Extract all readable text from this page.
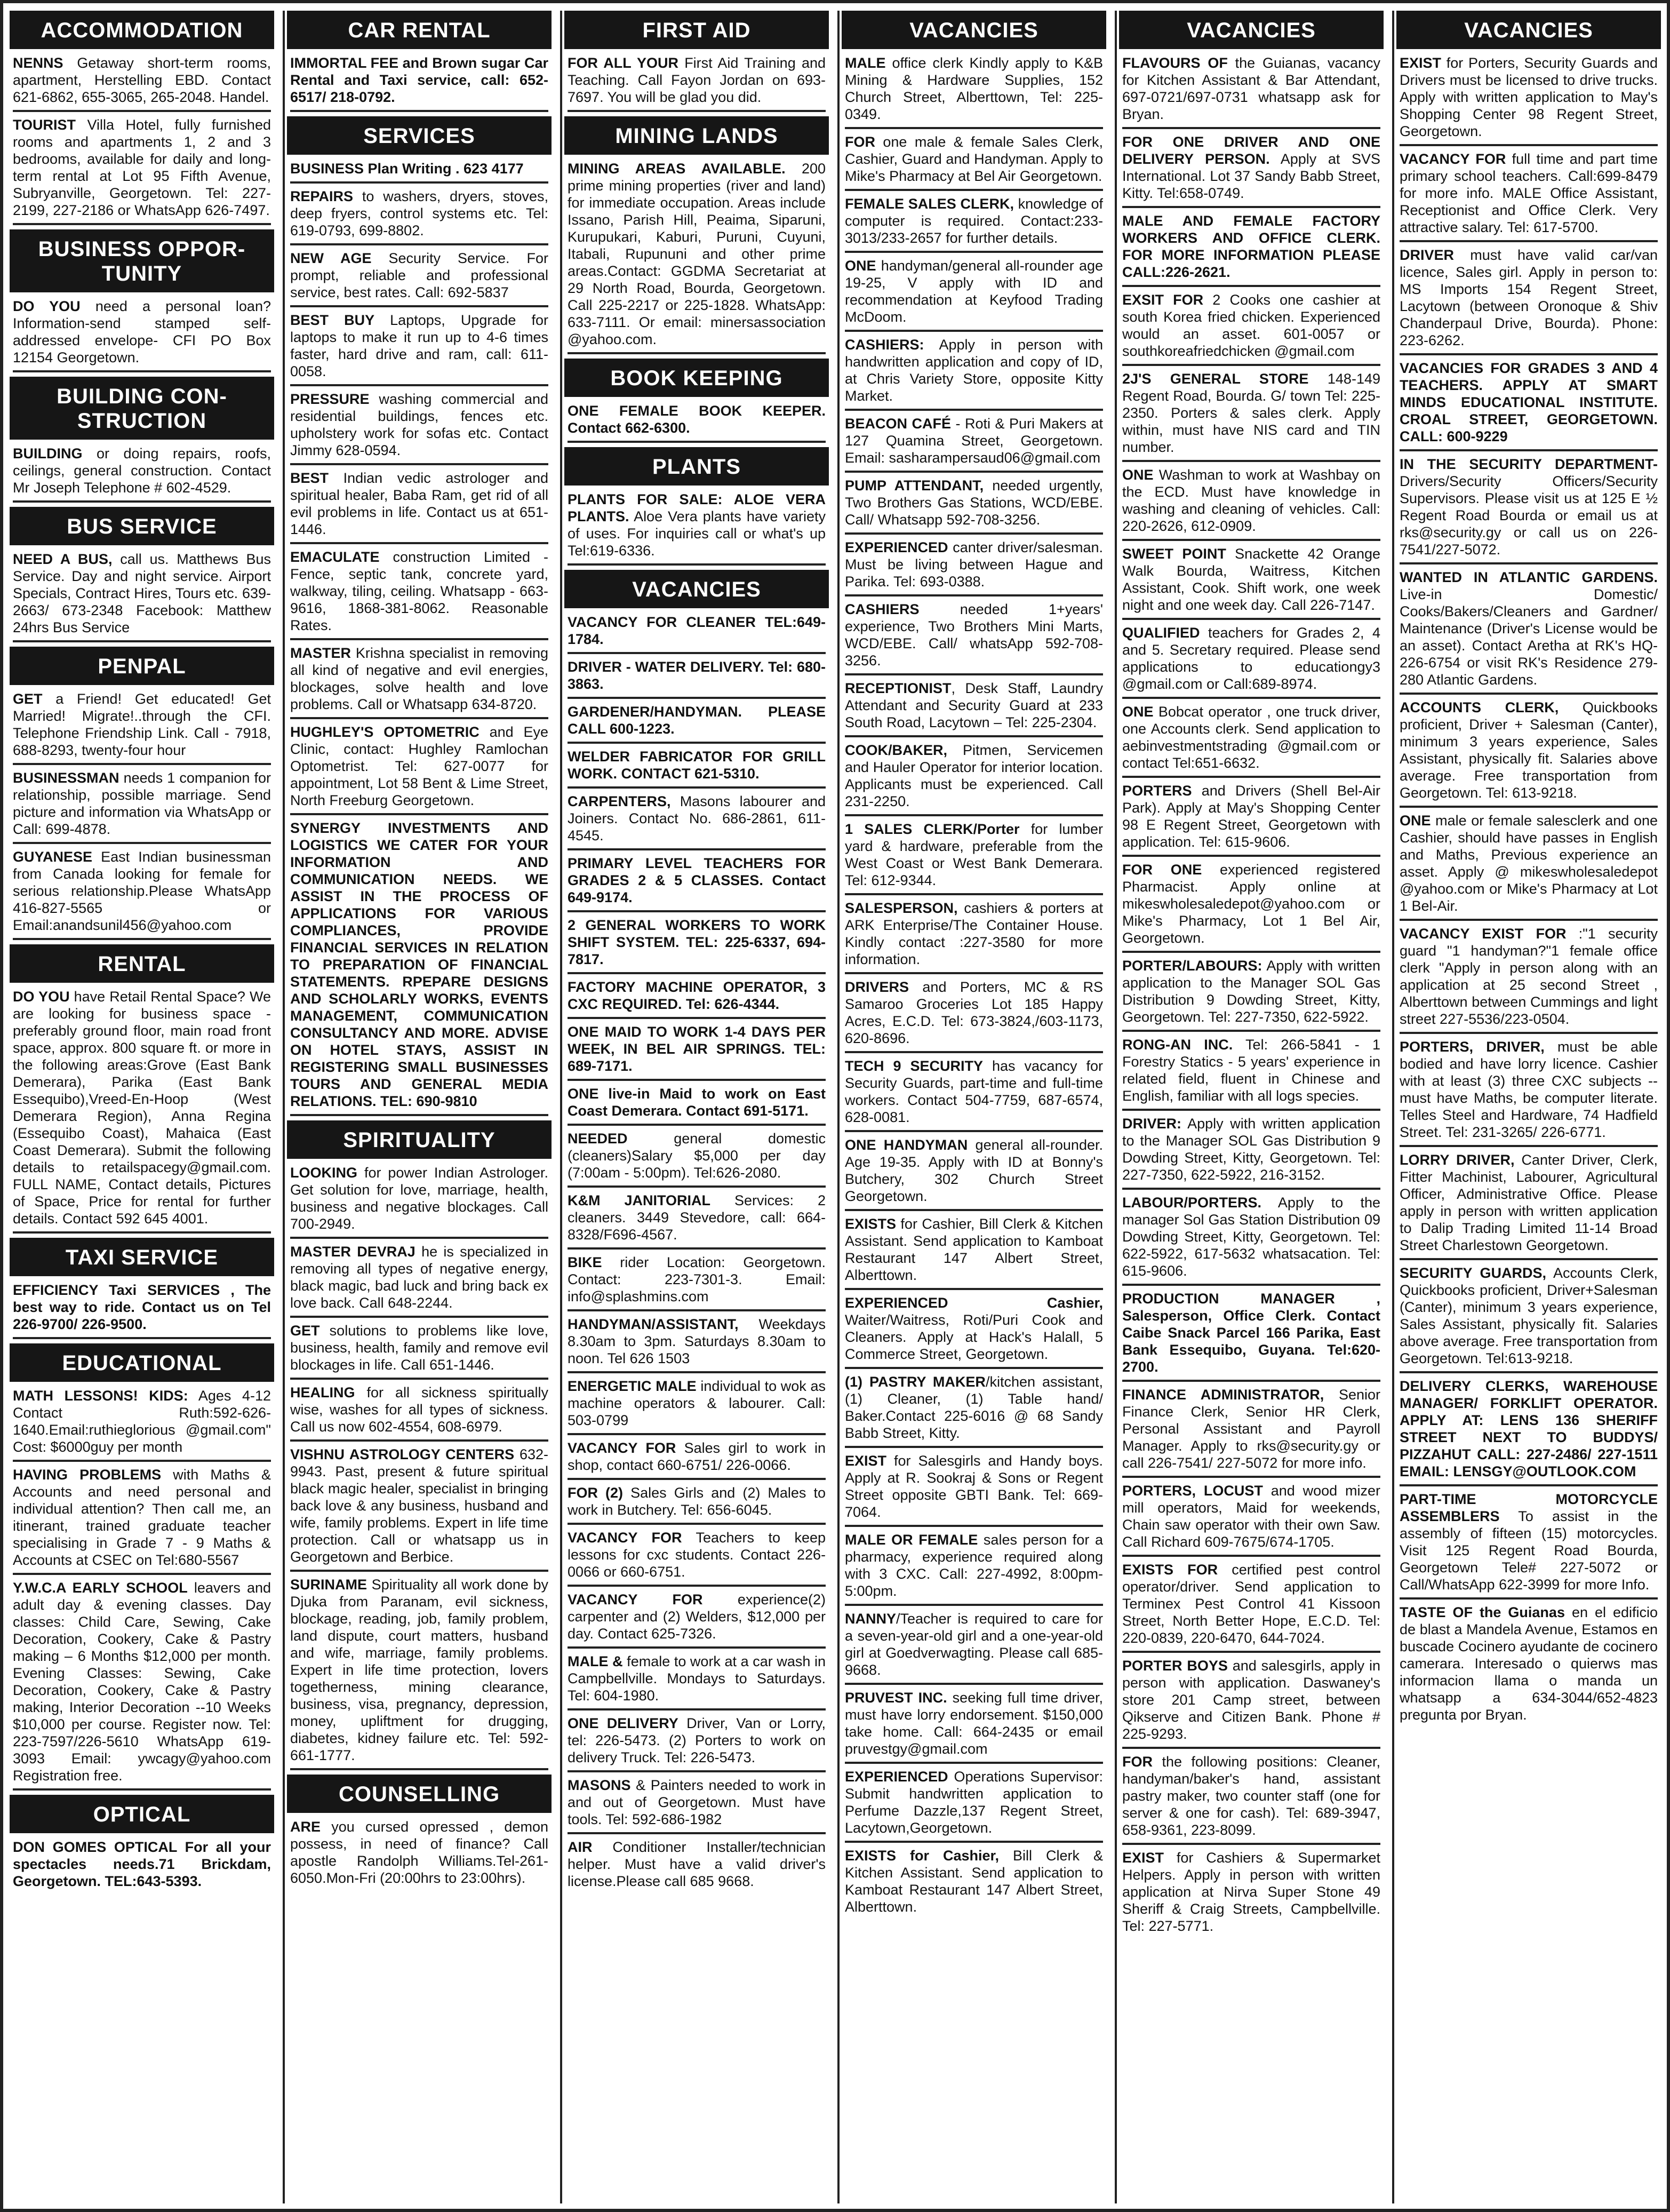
ACCOMMODATION
NENNS Getaway short-term rooms, apartment, Herstelling EBD. Contact 621-6862, 655-3065, 265-2048. Handel.
TOURIST Villa Hotel, fully furnished rooms and apartments 1, 2 and 3 bedrooms, available for daily and long-term rental at Lot 95 Fifth Avenue, Subryanville, Georgetown. Tel: 227-2199, 227-2186 or WhatsApp 626-7497.
BUSINESS OPPOR-TUNITY
DO YOU need a personal loan? Information-send stamped self-addressed envelope- CFI PO Box 12154 Georgetown.
BUILDING CON-STRUCTION
BUILDING or doing repairs, roofs, ceilings, general construction. Contact Mr Joseph Telephone # 602-4529.
BUS SERVICE
NEED A BUS, call us. Matthews Bus Service. Day and night service. Airport Specials, Contract Hires, Tours etc. 639-2663/ 673-2348 Facebook: Matthew 24hrs Bus Service
PENPAL
GET a Friend! Get educated! Get Married! Migrate!..through the CFI. Telephone Friendship Link. Call - 7918, 688-8293, twenty-four hour
BUSINESSMAN needs 1 companion for relationship, possible marriage. Send picture and information via WhatsApp or Call: 699-4878.
GUYANESE East Indian businessman from Canada looking for female for serious relationship.Please WhatsApp 416-827-5565 or Email:anandsunil456@yahoo.com
RENTAL
DO YOU have Retail Rental Space? We are looking for business space - preferably ground floor, main road front space, approx. 800 square ft. or more in the following areas:Grove (East Bank Demerara), Parika (East Bank Essequibo),Vreed-En-Hoop (West Demerara Region), Anna Regina (Essequibo Coast), Mahaica (East Coast Demerara). Submit the following details to retailspacegy@gmail.com. FULL NAME, Contact details, Pictures of Space, Price for rental for further details. Contact 592 645 4001.
TAXI SERVICE
EFFICIENCY Taxi SERVICES , The best way to ride. Contact us on Tel 226-9700/ 226-9500.
EDUCATIONAL
MATH LESSONS! KIDS: Ages 4-12 Contact Ruth:592-626-1640.Email:ruthieglorious @gmail.com" Cost: $6000guy per month
HAVING PROBLEMS with Maths & Accounts and need personal and individual attention? Then call me, an itinerant, trained graduate teacher specialising in Grade 7 - 9 Maths & Accounts at CSEC on Tel:680-5567
Y.W.C.A EARLY SCHOOL leavers and adult day & evening classes. Day classes: Child Care, Sewing, Cake Decoration, Cookery, Cake & Pastry making – 6 Months $12,000 per month. Evening Classes: Sewing, Cake Decoration, Cookery, Cake & Pastry making, Interior Decoration --10 Weeks $10,000 per course. Register now. Tel: 223-7597/226-5610 WhatsApp 619-3093 Email: ywcagy@yahoo.com Registration free.
OPTICAL
DON GOMES OPTICAL For all your spectacles needs.71 Brickdam, Georgetown. TEL:643-5393.
CAR RENTAL
IMMORTAL FEE and Brown sugar Car Rental and Taxi service, call: 652-6517/ 218-0792.
SERVICES
BUSINESS Plan Writing . 623 4177
REPAIRS to washers, dryers, stoves, deep fryers, control systems etc. Tel: 619-0793, 699-8802.
NEW AGE Security Service. For prompt, reliable and professional service, best rates. Call: 692-5837
BEST BUY Laptops, Upgrade for laptops to make it run up to 4-6 times faster, hard drive and ram, call: 611-0058.
PRESSURE washing commercial and residential buildings, fences etc. upholstery work for sofas etc. Contact Jimmy 628-0594.
BEST Indian vedic astrologer and spiritual healer, Baba Ram, get rid of all evil problems in life. Contact us at 651-1446.
EMACULATE construction Limited - Fence, septic tank, concrete yard, walkway, tiling, ceiling. Whatsapp - 663-9616, 1868-381-8062. Reasonable Rates.
MASTER Krishna specialist in removing all kind of negative and evil energies, blockages, solve health and love problems. Call or Whatsapp 634-8720.
HUGHLEY'S OPTOMETRIC and Eye Clinic, contact: Hughley Ramlochan Optometrist. Tel: 627-0077 for appointment, Lot 58 Bent & Lime Street, North Freeburg Georgetown.
SYNERGY INVESTMENTS AND LOGISTICS WE CATER FOR YOUR INFORMATION AND COMMUNICATION NEEDS. WE ASSIST IN THE PROCESS OF APPLICATIONS FOR VARIOUS COMPLIANCES, PROVIDE FINANCIAL SERVICES IN RELATION TO PREPARATION OF FINANCIAL STATEMENTS. RPEPARE DESIGNS AND SCHOLARLY WORKS, EVENTS MANAGEMENT, COMMUNICATION CONSULTANCY AND MORE. ADVISE ON HOTEL STAYS, ASSIST IN REGISTERING SMALL BUSINESSES TOURS AND GENERAL MEDIA RELATIONS. TEL: 690-9810
SPIRITUALITY
LOOKING for power Indian Astrologer. Get solution for love, marriage, health, business and negative blockages. Call 700-2949.
MASTER DEVRAJ he is specialized in removing all types of negative energy, black magic, bad luck and bring back ex love back. Call 648-2244.
GET solutions to problems like love, business, health, family and remove evil blockages in life. Call 651-1446.
HEALING for all sickness spiritually wise, washes for all types of sickness. Call us now 602-4554, 608-6979.
VISHNU ASTROLOGY CENTERS 632-9943. Past, present & future spiritual black magic healer, specialist in bringing back love & any business, husband and wife, family problems. Expert in life time protection. Call or whatsapp us in Georgetown and Berbice.
SURINAME Spirituality all work done by Djuka from Paranam, evil sickness, blockage, reading, job, family problem, land dispute, court matters, husband and wife, marriage, family problems. Expert in life time protection, lovers togetherness, mining clearance, business, visa, pregnancy, depression, money, upliftment for drugging, diabetes, kidney failure etc. Tel: 592-661-1777.
COUNSELLING
ARE you cursed opressed , demon possess, in need of finance? Call apostle Randolph Williams.Tel-261-6050.Mon-Fri (20:00hrs to 23:00hrs).
FIRST AID
FOR ALL YOUR First Aid Training and Teaching. Call Fayon Jordan on 693-7697. You will be glad you did.
MINING LANDS
MINING AREAS AVAILABLE. 200 prime mining properties (river and land) for immediate occupation. Areas include Issano, Parish Hill, Peaima, Siparuni, Kurupukari, Kaburi, Puruni, Cuyuni, Itabali, Rupununi and other prime areas.Contact: GGDMA Secretariat at 29 North Road, Bourda, Georgetown. Call 225-2217 or 225-1828. WhatsApp: 633-7111. Or email: minersassociation @yahoo.com.
BOOK KEEPING
ONE FEMALE BOOK KEEPER. Contact 662-6300.
PLANTS
PLANTS FOR SALE: ALOE VERA PLANTS. Aloe Vera plants have variety of uses. For inquiries call or what's up Tel:619-6336.
VACANCIES
VACANCY FOR CLEANER TEL:649-1784.
DRIVER - WATER DELIVERY. Tel: 680-3863.
GARDENER/HANDYMAN. PLEASE CALL 600-1223.
WELDER FABRICATOR FOR GRILL WORK. CONTACT 621-5310.
CARPENTERS, Masons labourer and Joiners. Contact No. 686-2861, 611-4545.
PRIMARY LEVEL TEACHERS FOR GRADES 2 & 5 CLASSES. Contact 649-9174.
2 GENERAL WORKERS TO WORK SHIFT SYSTEM. TEL: 225-6337, 694-7817.
FACTORY MACHINE OPERATOR, 3 CXC REQUIRED. Tel: 626-4344.
ONE MAID TO WORK 1-4 DAYS PER WEEK, IN BEL AIR SPRINGS. TEL: 689-7171.
ONE live-in Maid to work on East Coast Demerara. Contact 691-5171.
NEEDED general domestic (cleaners)Salary $5,000 per day (7:00am - 5:00pm). Tel:626-2080.
K&M JANITORIAL Services: 2 cleaners. 3449 Stevedore, call: 664-8328/F696-4567.
BIKE rider Location: Georgetown. Contact: 223-7301-3. Email: info@splashmins.com
HANDYMAN/ASSISTANT, Weekdays 8.30am to 3pm. Saturdays 8.30am to noon. Tel 626 1503
ENERGETIC MALE individual to wok as machine operators & labourer. Call: 503-0799
VACANCY FOR Sales girl to work in shop, contact 660-6751/ 226-0066.
FOR (2) Sales Girls and (2) Males to work in Butchery. Tel: 656-6045.
VACANCY FOR Teachers to keep lessons for cxc students. Contact 226-0066 or 660-6751.
VACANCY FOR experience(2) carpenter and (2) Welders, $12,000 per day. Contact 625-7326.
MALE & female to work at a car wash in Campbellville. Mondays to Saturdays. Tel: 604-1980.
ONE DELIVERY Driver, Van or Lorry, tel: 226-5473. (2) Porters to work on delivery Truck. Tel: 226-5473.
MASONS & Painters needed to work in and out of Georgetown. Must have tools. Tel: 592-686-1982
AIR Conditioner Installer/technician helper. Must have a valid driver's license.Please call 685 9668.
VACANCIES
MALE office clerk Kindly apply to K&B Mining & Hardware Supplies, 152 Church Street, Alberttown, Tel: 225-0349.
FOR one male & female Sales Clerk, Cashier, Guard and Handyman. Apply to Mike's Pharmacy at Bel Air Georgetown.
FEMALE SALES CLERK, knowledge of computer is required. Contact:233-3013/233-2657 for further details.
ONE handyman/general all-rounder age 19-25, V apply with ID and recommendation at Keyfood Trading McDoom.
CASHIERS: Apply in person with handwritten application and copy of ID, at Chris Variety Store, opposite Kitty Market.
BEACON CAFÉ - Roti & Puri Makers at 127 Quamina Street, Georgetown. Email: sasharampersaud06@gmail.com
PUMP ATTENDANT, needed urgently, Two Brothers Gas Stations, WCD/EBE. Call/ Whatsapp 592-708-3256.
EXPERIENCED canter driver/salesman. Must be living between Hague and Parika. Tel: 693-0388.
CASHIERS needed 1+years' experience, Two Brothers Mini Marts, WCD/EBE. Call/ whatsApp 592-708-3256.
RECEPTIONIST, Desk Staff, Laundry Attendant and Security Guard at 233 South Road, Lacytown – Tel: 225-2304.
COOK/BAKER, Pitmen, Servicemen and Hauler Operator for interior location. Applicants must be experienced. Call 231-2250.
1 SALES CLERK/Porter for lumber yard & hardware, preferable from the West Coast or West Bank Demerara. Tel: 612-9344.
SALESPERSON, cashiers & porters at ARK Enterprise/The Container House. Kindly contact :227-3580 for more information.
DRIVERS and Porters, MC & RS Samaroo Groceries Lot 185 Happy Acres, E.C.D. Tel: 673-3824,/603-1173, 620-8696.
TECH 9 SECURITY has vacancy for Security Guards, part-time and full-time workers. Contact 504-7759, 687-6574, 628-0081.
ONE HANDYMAN general all-rounder. Age 19-35. Apply with ID at Bonny's Butchery, 302 Church Street Georgetown.
EXISTS for Cashier, Bill Clerk & Kitchen Assistant. Send application to Kamboat Restaurant 147 Albert Street, Alberttown.
EXPERIENCED Cashier, Waiter/Waitress, Roti/Puri Cook and Cleaners. Apply at Hack's Halall, 5 Commerce Street, Georgetown.
(1) PASTRY MAKER/kitchen assistant,(1) Cleaner, (1) Table hand/ Baker.Contact 225-6016 @ 68 Sandy Babb Street, Kitty.
EXIST for Salesgirls and Handy boys. Apply at R. Sookraj & Sons or Regent Street opposite GBTI Bank. Tel: 669-7064.
MALE OR FEMALE sales person for a pharmacy, experience required along with 3 CXC. Call: 227-4992, 8:00pm-5:00pm.
NANNY/Teacher is required to care for a seven-year-old girl and a one-year-old girl at Goedverwagting. Please call 685-9668.
PRUVEST INC. seeking full time driver, must have lorry endorsement. $150,000 take home. Call: 664-2435 or email pruvestgy@gmail.com
EXPERIENCED Operations Supervisor: Submit handwritten application to Perfume Dazzle,137 Regent Street, Lacytown,Georgetown.
EXISTS for Cashier, Bill Clerk & Kitchen Assistant. Send application to Kamboat Restaurant 147 Albert Street, Alberttown.
VACANCIES
FLAVOURS OF the Guianas, vacancy for Kitchen Assistant & Bar Attendant, 697-0721/697-0731 whatsapp ask for Bryan.
FOR ONE DRIVER AND ONE DELIVERY PERSON. Apply at SVS International. Lot 37 Sandy Babb Street, Kitty. Tel:658-0749.
MALE AND FEMALE FACTORY WORKERS AND OFFICE CLERK. FOR MORE INFORMATION PLEASE CALL:226-2621.
EXSIT FOR 2 Cooks one cashier at south Korea fried chicken. Experienced would an asset. 601-0057 or southkoreafriedchicken @gmail.com
2J'S GENERAL STORE 148-149 Regent Road, Bourda. G/ town Tel: 225-2350. Porters & sales clerk. Apply within, must have NIS card and TIN number.
ONE Washman to work at Washbay on the ECD. Must have knowledge in washing and cleaning of vehicles. Call: 220-2626, 612-0909.
SWEET POINT Snackette 42 Orange Walk Bourda, Waitress, Kitchen Assistant, Cook. Shift work, one week night and one week day. Call 226-7147.
QUALIFIED teachers for Grades 2, 4 and 5. Secretary required. Please send applications to educationgy3 @gmail.com or Call:689-8974.
ONE Bobcat operator , one truck driver, one Accounts clerk. Send application to aebinvestmentstrading @gmail.com or contact Tel:651-6632.
PORTERS and Drivers (Shell Bel-Air Park). Apply at May's Shopping Center 98 E Regent Street, Georgetown with application. Tel: 615-9606.
FOR ONE experienced registered Pharmacist. Apply online at mikeswholesaledepot@yahoo.com or Mike's Pharmacy, Lot 1 Bel Air, Georgetown.
PORTER/LABOURS: Apply with written application to the Manager SOL Gas Distribution 9 Dowding Street, Kitty, Georgetown. Tel: 227-7350, 622-5922.
RONG-AN INC. Tel: 266-5841 - 1 Forestry Statics - 5 years' experience in related field, fluent in Chinese and English, familiar with all logs species.
DRIVER: Apply with written application to the Manager SOL Gas Distribution 9 Dowding Street, Kitty, Georgetown. Tel: 227-7350, 622-5922, 216-3152.
LABOUR/PORTERS. Apply to the manager Sol Gas Station Distribution 09 Dowding Street, Kitty, Georgetown. Tel: 622-5922, 617-5632 whatsacation. Tel: 615-9606.
PRODUCTION MANAGER , Salesperson, Office Clerk. Contact Caibe Snack Parcel 166 Parika, East Bank Essequibo, Guyana. Tel:620-2700.
FINANCE ADMINISTRATOR, Senior Finance Clerk, Senior HR Clerk, Personal Assistant and Payroll Manager. Apply to rks@security.gy or call 226-7541/ 227-5072 for more info.
PORTERS, LOCUST and wood mizer mill operators, Maid for weekends, Chain saw operator with their own Saw. Call Richard 609-7675/674-1705.
EXISTS FOR certified pest control operator/driver. Send application to Terminex Pest Control 41 Kissoon Street, North Better Hope, E.C.D. Tel: 220-0839, 220-6470, 644-7024.
PORTER BOYS and salesgirls, apply in person with application. Daswaney's store 201 Camp street, between Qikserve and Citizen Bank. Phone # 225-9293.
FOR the following positions: Cleaner, handyman/baker's hand, assistant pastry maker, two counter staff (one for server & one for cash). Tel: 689-3947, 658-9361, 223-8099.
EXIST for Cashiers & Supermarket Helpers. Apply in person with written application at Nirva Super Stone 49 Sheriff & Craig Streets, Campbellville. Tel: 227-5771.
VACANCIES
EXIST for Porters, Security Guards and Drivers must be licensed to drive trucks. Apply with written application to May's Shopping Center 98 Regent Street, Georgetown.
VACANCY FOR full time and part time primary school teachers. Call:699-8479 for more info. MALE Office Assistant, Receptionist and Office Clerk. Very attractive salary. Tel: 617-5700.
DRIVER must have valid car/van licence, Sales girl. Apply in person to: MS Imports 154 Regent Street, Lacytown (between Oronoque & Shiv Chanderpaul Drive, Bourda). Phone: 223-6262.
VACANCIES FOR GRADES 3 AND 4 TEACHERS. APPLY AT SMART MINDS EDUCATIONAL INSTITUTE. CROAL STREET, GEORGETOWN. CALL: 600-9229
IN THE SECURITY DEPARTMENT- Drivers/Security Officers/Security Supervisors. Please visit us at 125 E ½ Regent Road Bourda or email us at rks@security.gy or call us on 226-7541/227-5072.
WANTED IN ATLANTIC GARDENS. Live-in Domestic/ Cooks/Bakers/Cleaners and Gardner/ Maintenance (Driver's License would be an asset). Contact Aretha at RK's HQ- 226-6754 or visit RK's Residence 279-280 Atlantic Gardens.
ACCOUNTS CLERK, Quickbooks proficient, Driver + Salesman (Canter), minimum 3 years experience, Sales Assistant, physically fit. Salaries above average. Free transportation from Georgetown. Tel: 613-9218.
ONE male or female salesclerk and one Cashier, should have passes in English and Maths, Previous experience an asset. Apply @ mikeswholesaledepot @yahoo.com or Mike's Pharmacy at Lot 1 Bel-Air.
VACANCY EXIST FOR :"1 security guard "1 handyman?"1 female office clerk "Apply in person along with an application at 25 second Street , Alberttown between Cummings and light street 227-5536/223-0504.
PORTERS, DRIVER, must be able bodied and have lorry licence. Cashier with at least (3) three CXC subjects -- must have Maths, be computer literate. Telles Steel and Hardware, 74 Hadfield Street. Tel: 231-3265/ 226-6771.
LORRY DRIVER, Canter Driver, Clerk, Fitter Machinist, Labourer, Agricultural Officer, Administrative Office. Please apply in person with written application to Dalip Trading Limited 11-14 Broad Street Charlestown Georgetown.
SECURITY GUARDS, Accounts Clerk, Quickbooks proficient, Driver+Salesman (Canter), minimum 3 years experience, Sales Assistant, physically fit. Salaries above average. Free transportation from Georgetown. Tel:613-9218.
DELIVERY CLERKS, WAREHOUSE MANAGER/ FORKLIFT OPERATOR. APPLY AT: LENS 136 SHERIFF STREET NEXT TO BUDDYS/ PIZZAHUT CALL: 227-2486/ 227-1511 EMAIL: LENSGY@OUTLOOK.COM
PART-TIME MOTORCYCLE ASSEMBLERS To assist in the assembly of fifteen (15) motorcycles. Visit 125 Regent Road Bourda, Georgetown Tele# 227-5072 or Call/WhatsApp 622-3999 for more Info.
TASTE OF the Guianas en el edificio de blast a Mandela Avenue, Estamos en buscade Cocinero ayudante de cocinero camerara. Interesado o quierws mas informacion llama o manda un whatsapp a 634-3044/652-4823 pregunta por Bryan.
